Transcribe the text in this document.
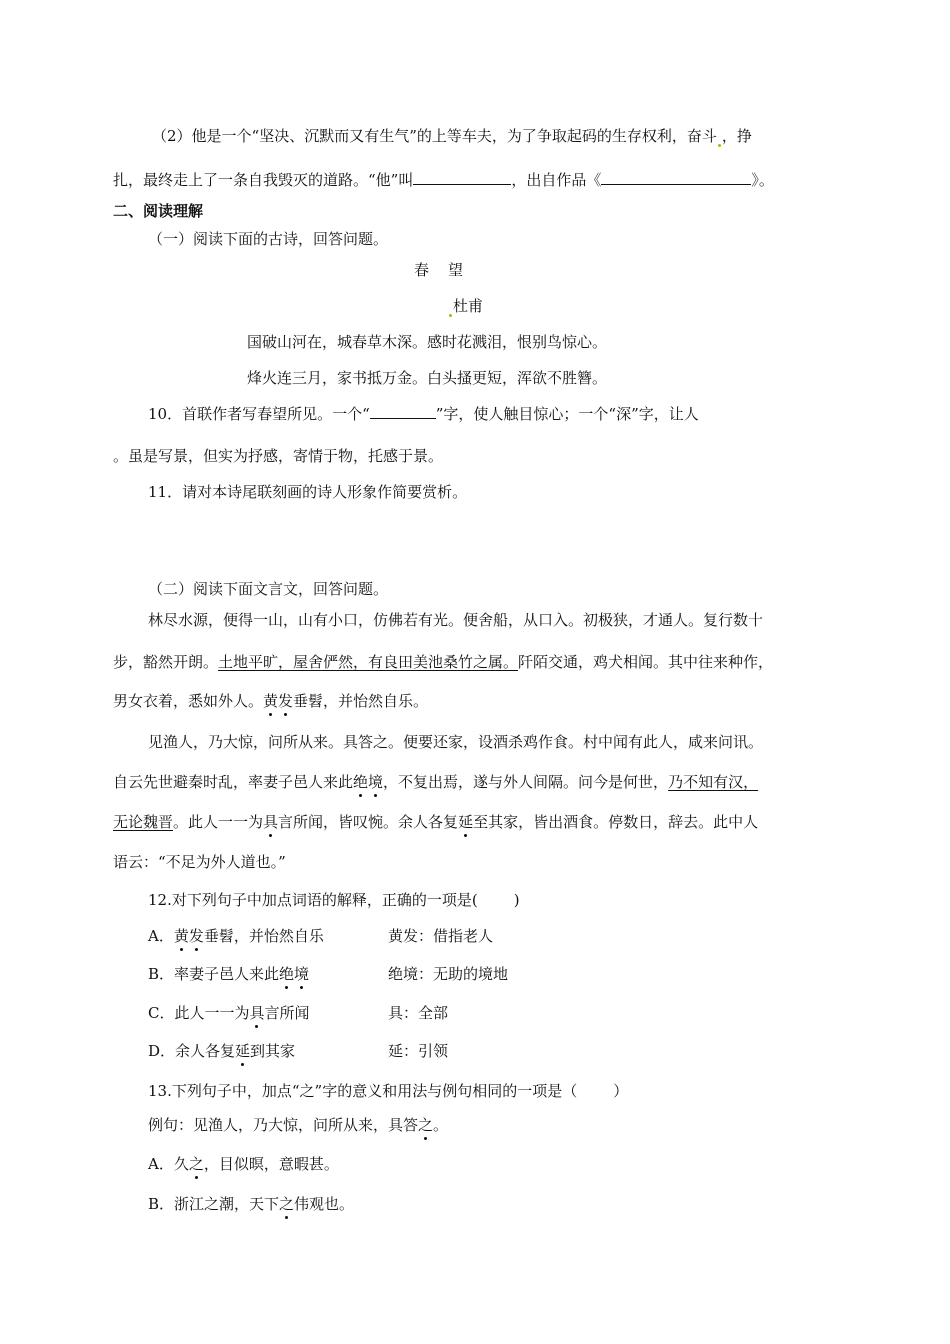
（2）他是一个“坚决、沉默而又有生气”的上等车夫，为了争取起码的生存权利，奋斗 ，挣
扎，最终走上了一条自我毁灭的道路。“他”叫	，出自作品《	》。
二、阅读理解
（一）阅读下面的古诗，回答问题。
春　望
杜甫
国破山河在，城春草木深。感时花溅泪，恨别鸟惊心。
烽火连三月，家书抵万金。白头搔更短，浑欲不胜簪。
10．首联作者写春望所见。一个“	”字，使人触目惊心；一个“深”字，让人
。虽是写景，但实为抒感，寄情于物，托感于景。
11．请对本诗尾联刻画的诗人形象作简要赏析。
（二）阅读下面文言文，回答问题。
林尽水源，便得一山，山有小口，仿佛若有光。便舍船，从口入。初极狭，才通人。复行数十
步，豁然开朗。土地平旷，屋舍俨然，有良田美池桑竹之属。阡陌交通，鸡犬相闻。其中往来种作，
男女衣着，悉如外人。黄发垂髫，并怡然自乐。
见渔人，乃大惊，问所从来。具答之。便要还家，设酒杀鸡作食。村中闻有此人，咸来问讯。
自云先世避秦时乱，率妻子邑人来此绝境，不复出焉，遂与外人间隔。问今是何世，乃不知有汉，
无论魏晋。此人一一为具言所闻，皆叹惋。余人各复延至其家，皆出酒食。停数日，辞去。此中人
语云：“不足为外人道也。”
12.对下列句子中加点词语的解释，正确的一项是( )
A．黄发垂髫，并怡然自乐	黄发：借指老人
B．率妻子邑人来此绝境	绝境：无助的境地
C．此人一一为具言所闻	具：全部
D．余人各复延到其家	延：引领
13.下列句子中，加点“之”字的意义和用法与例句相同的一项是（ ）
例句：见渔人，乃大惊，问所从来，具答之。
A．久之，目似暝，意暇甚。
B．浙江之潮，天下之伟观也。
